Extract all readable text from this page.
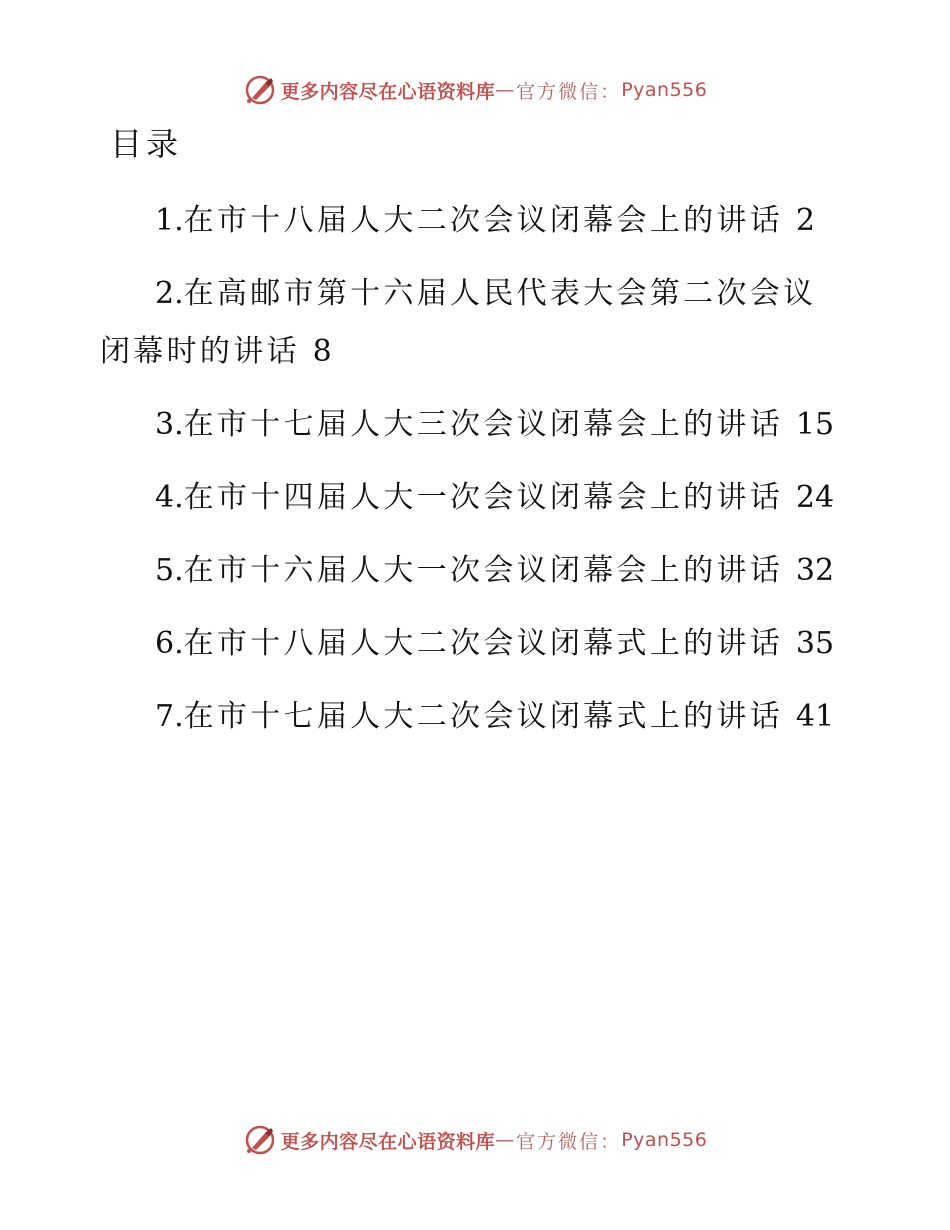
更多内容尽在心语资料库 — 官方微信： Pyan556
目录
1.在市十八届人大二次会议闭幕会上的讲话 2
2.在高邮市第十六届人民代表大会第二次会议闭幕时的讲话 8
3.在市十七届人大三次会议闭幕会上的讲话 15
4.在市十四届人大一次会议闭幕会上的讲话 24
5.在市十六届人大一次会议闭幕会上的讲话 32
6.在市十八届人大二次会议闭幕式上的讲话 35
7.在市十七届人大二次会议闭幕式上的讲话 41
更多内容尽在心语资料库 — 官方微信： Pyan556
